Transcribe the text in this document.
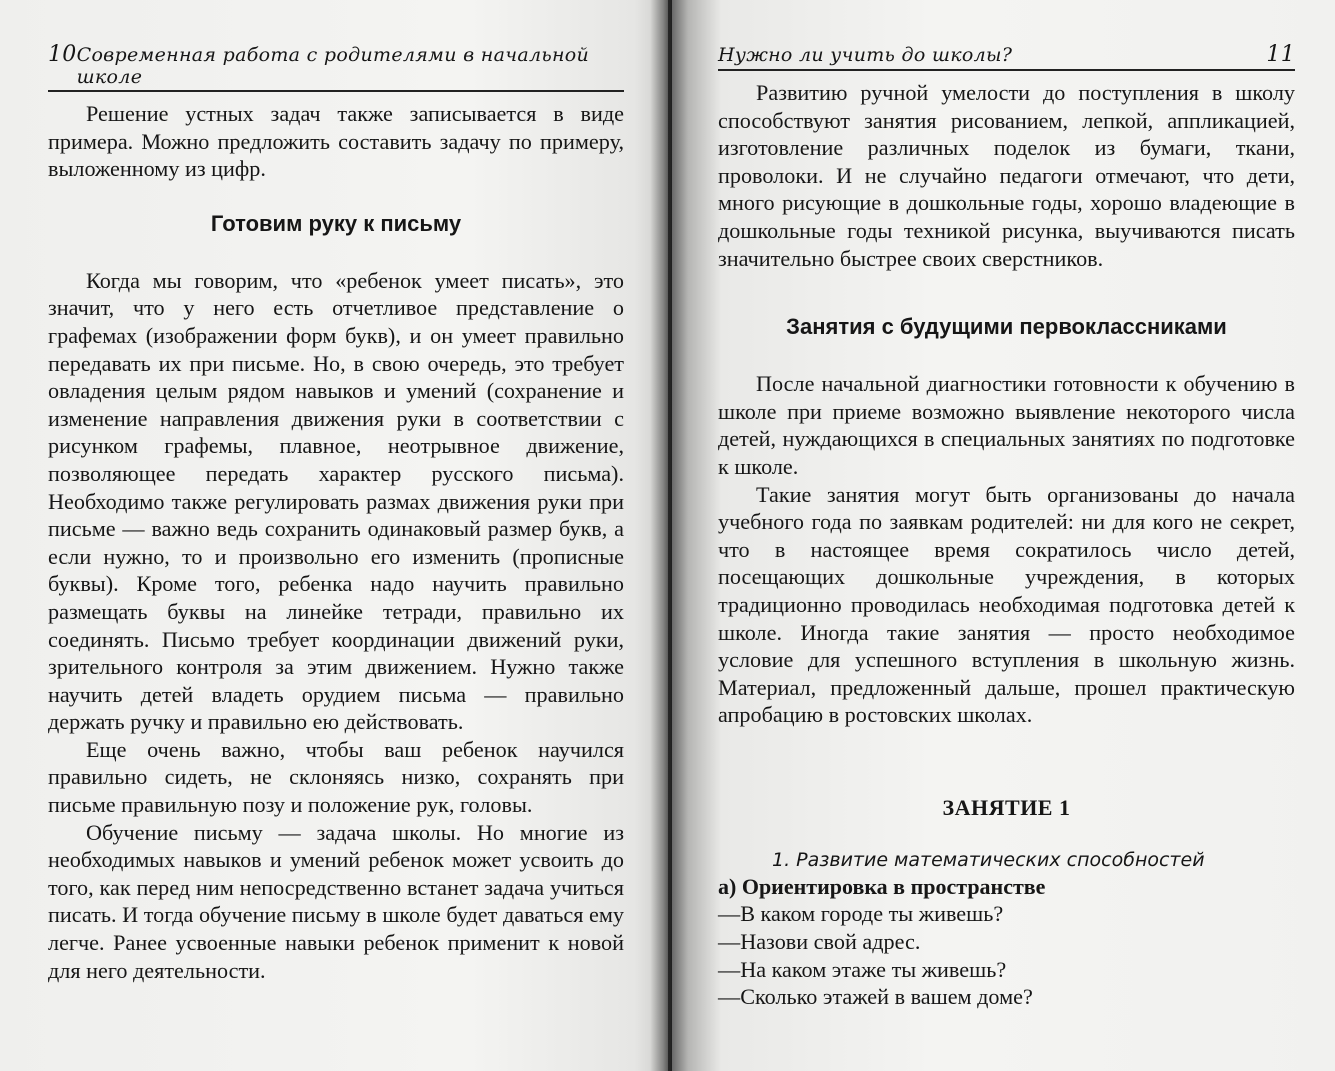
10 Современная работа с родителями в начальной школе

Решение устных задач также записывается в виде примера. Можно предложить составить задачу по примеру, выложенному из цифр.

Готовим руку к письму

Когда мы говорим, что «ребенок умеет писать», это значит, что у него есть отчетливое представление о графемах (изображении форм букв), и он умеет правильно передавать их при письме. Но, в свою очередь, это требует овладения целым рядом навыков и умений (сохранение и изменение направления движения руки в соответствии с рисунком графемы, плавное, неотрывное движение, позволяющее передать характер русского письма). Необходимо также регулировать размах движения руки при письме — важно ведь сохранить одинаковый размер букв, а если нужно, то и произвольно его изменить (прописные буквы). Кроме того, ребенка надо научить правильно размещать буквы на линейке тетради, правильно их соединять. Письмо требует координации движений руки, зрительного контроля за этим движением. Нужно также научить детей владеть орудием письма — правильно держать ручку и правильно ею действовать.

Еще очень важно, чтобы ваш ребенок научился правильно сидеть, не склоняясь низко, сохранять при письме правильную позу и положение рук, головы.

Обучение письму — задача школы. Но многие из необходимых навыков и умений ребенок может усвоить до того, как перед ним непосредственно встанет задача учиться писать. И тогда обучение письму в школе будет даваться ему легче. Ранее усвоенные навыки ребенок применит к новой для него деятельности.

Нужно ли учить до школы?	11

Развитию ручной умелости до поступления в школу способствуют занятия рисованием, лепкой, аппликацией, изготовление различных поделок из бумаги, ткани, проволоки. И не случайно педагоги отмечают, что дети, много рисующие в дошкольные годы, хорошо владеющие в дошкольные годы техникой рисунка, выучиваются писать значительно быстрее своих сверстников.

Занятия с будущими первоклассниками

После начальной диагностики готовности к обучению в школе при приеме возможно выявление некоторого числа детей, нуждающихся в специальных занятиях по подготовке к школе.

Такие занятия могут быть организованы до начала учебного года по заявкам родителей: ни для кого не секрет, что в настоящее время сократилось число детей, посещающих дошкольные учреждения, в которых традиционно проводилась необходимая подготовка детей к школе. Иногда такие занятия — просто необходимое условие для успешного вступления в школьную жизнь. Материал, предложенный дальше, прошел практическую апробацию в ростовских школах.

ЗАНЯТИЕ 1
1. Развитие математических способностей
а) Ориентировка в пространстве

—В каком городе ты живешь?

—Назови свой адрес.

—На каком этаже ты живешь?

—Сколько этажей в вашем доме?
